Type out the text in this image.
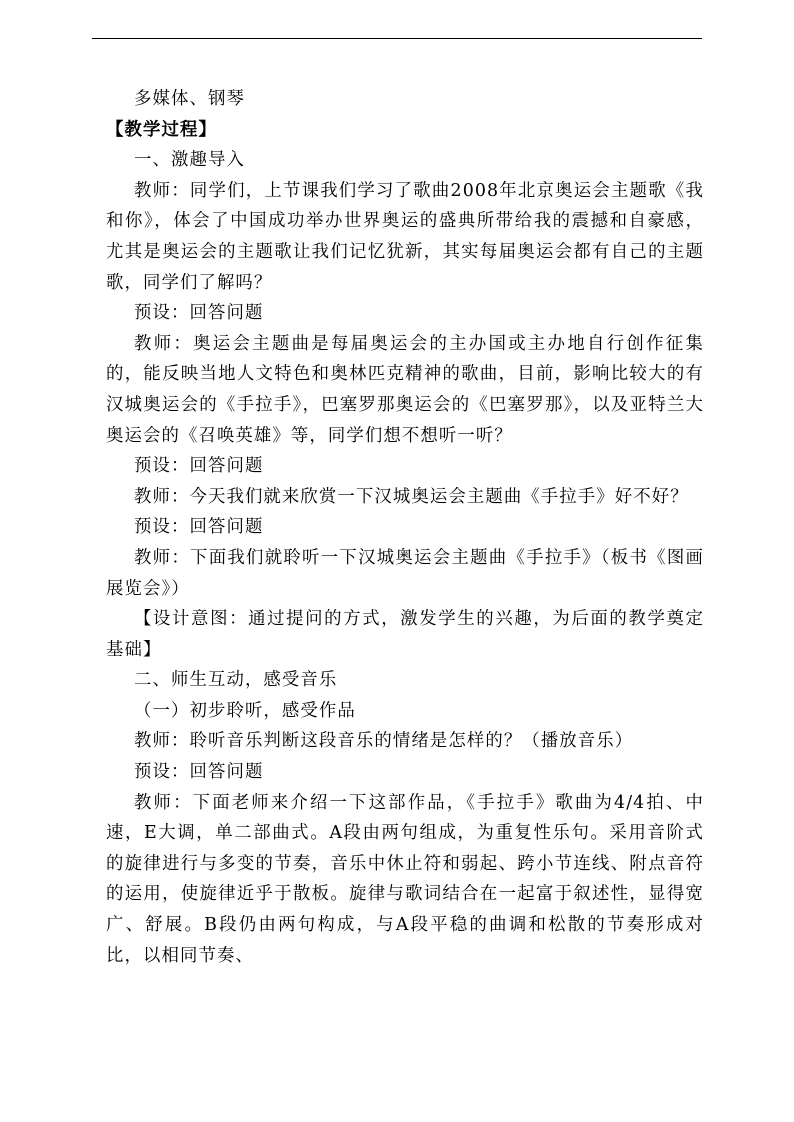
多媒体、钢琴

【教学过程】

一、激趣导入

教师：同学们，上节课我们学习了歌曲2008年北京奥运会主题歌《我和你》，体会了中国成功举办世界奥运的盛典所带给我的震撼和自豪感，尤其是奥运会的主题歌让我们记忆犹新，其实每届奥运会都有自己的主题歌，同学们了解吗？

预设：回答问题

教师：奥运会主题曲是每届奥运会的主办国或主办地自行创作征集的，能反映当地人文特色和奥林匹克精神的歌曲，目前，影响比较大的有汉城奥运会的《手拉手》，巴塞罗那奥运会的《巴塞罗那》，以及亚特兰大奥运会的《召唤英雄》等，同学们想不想听一听？

预设：回答问题

教师：今天我们就来欣赏一下汉城奥运会主题曲《手拉手》好不好？

预设：回答问题

教师：下面我们就聆听一下汉城奥运会主题曲《手拉手》（板书《图画展览会》）

【设计意图：通过提问的方式，激发学生的兴趣，为后面的教学奠定基础】

二、师生互动，感受音乐

（一）初步聆听，感受作品

教师：聆听音乐判断这段音乐的情绪是怎样的？（播放音乐）

预设：回答问题

教师：下面老师来介绍一下这部作品，《手拉手》歌曲为4/4拍、中速，E大调，单二部曲式。A段由两句组成，为重复性乐句。采用音阶式的旋律进行与多变的节奏，音乐中休止符和弱起、跨小节连线、附点音符的运用，使旋律近乎于散板。旋律与歌词结合在一起富于叙述性，显得宽广、舒展。B段仍由两句构成，与A段平稳的曲调和松散的节奏形成对比，以相同节奏、
